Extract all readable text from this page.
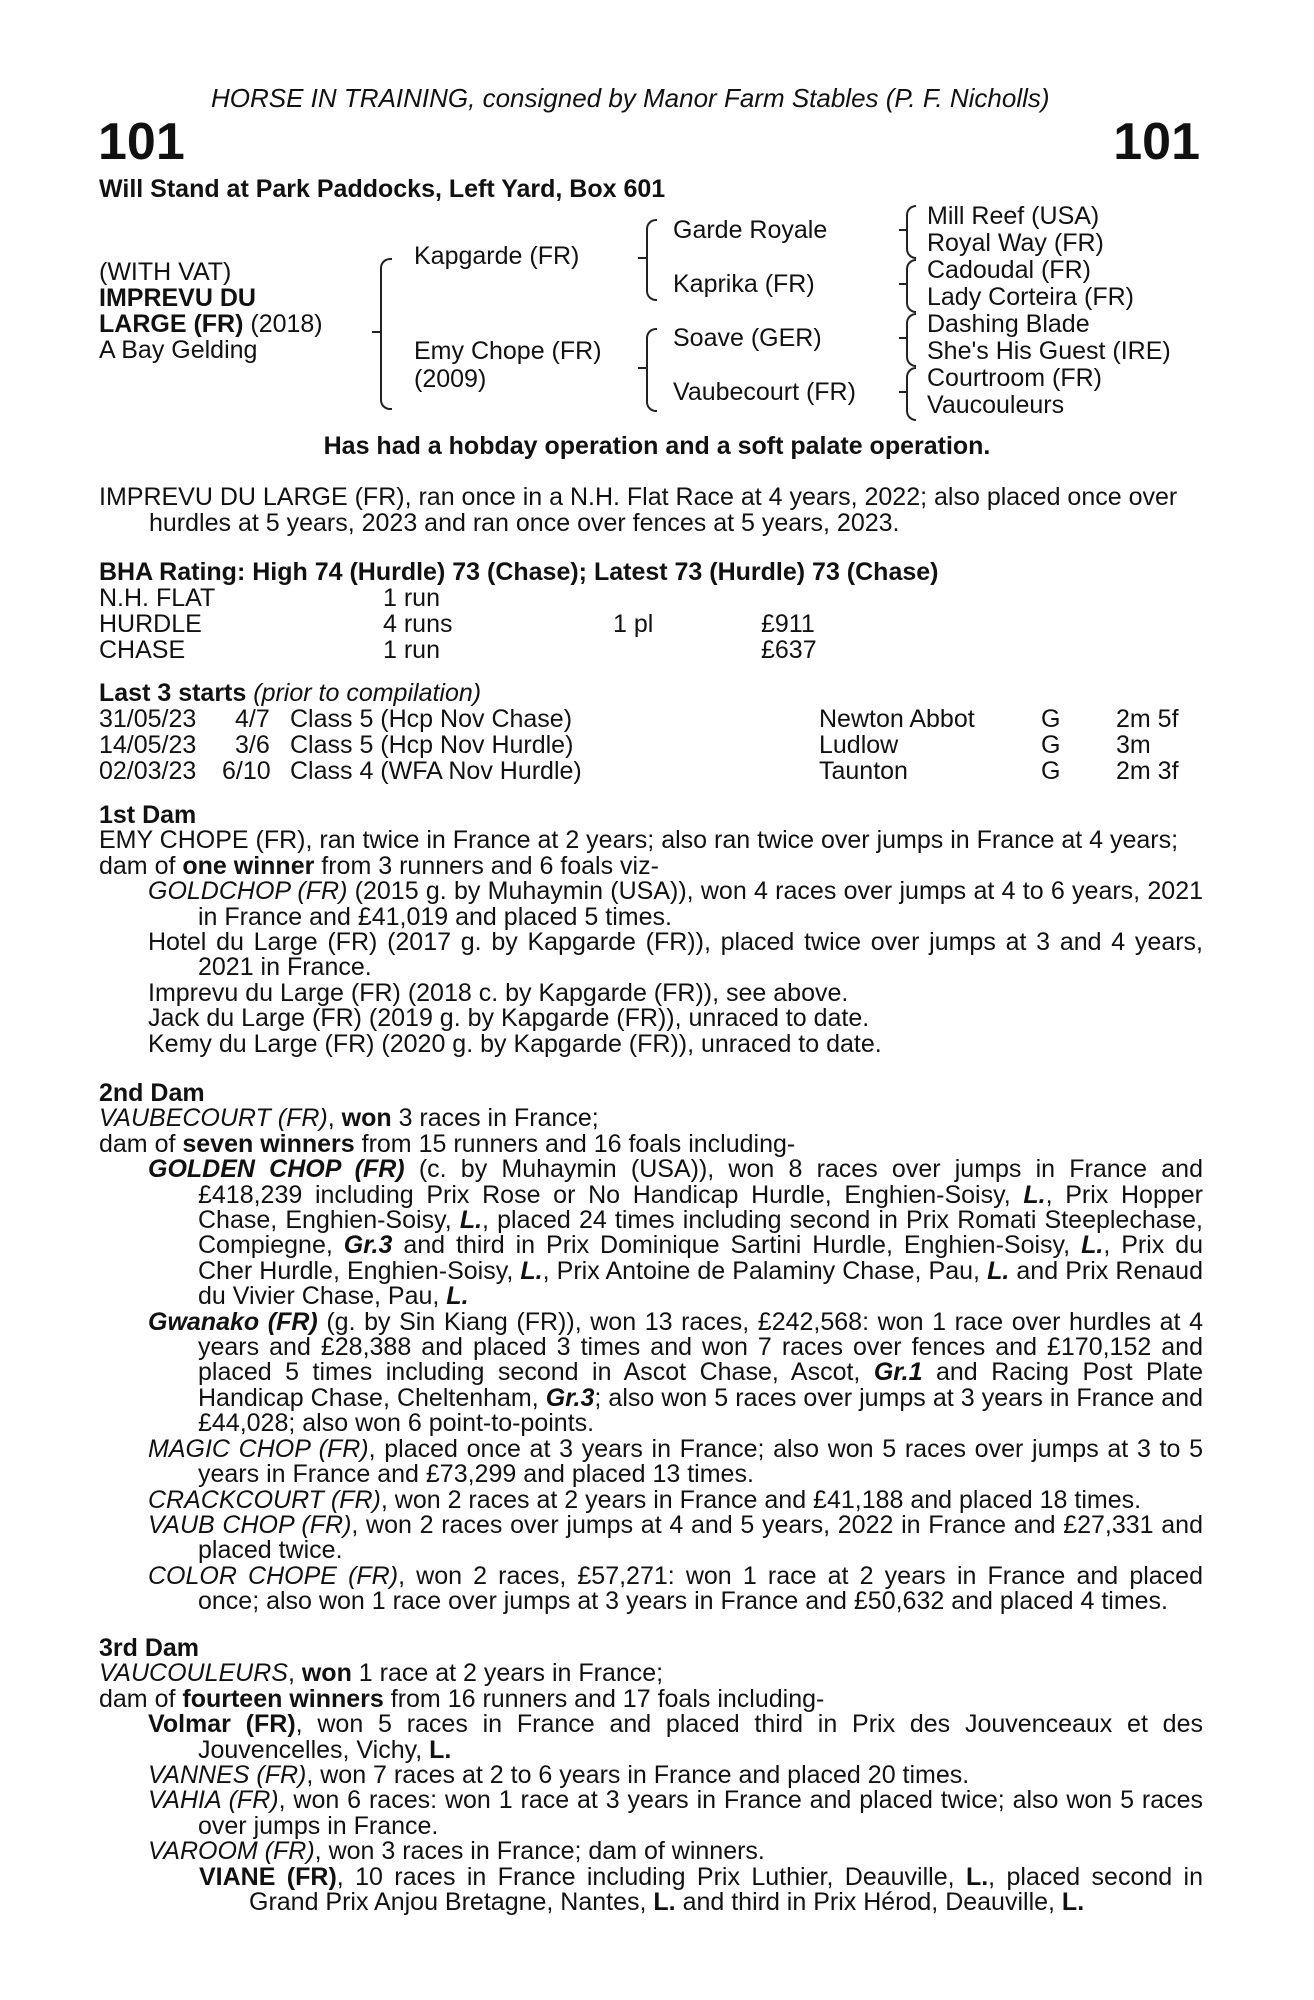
HORSE IN TRAINING, consigned by Manor Farm Stables (P. F. Nicholls)
101	101
Will Stand at Park Paddocks, Left Yard, Box 601
(WITH VAT)
IMPREVU DU
LARGE (FR) (2018)
A Bay Gelding
Kapgarde (FR)
Emy Chope (FR)
(2009)
Garde Royale
Kaprika (FR)
Soave (GER)
Vaubecourt (FR)
Mill Reef (USA)
Royal Way (FR)
Cadoudal (FR)
Lady Corteira (FR)
Dashing Blade
She's His Guest (IRE)
Courtroom (FR)
Vaucouleurs
Has had a hobday operation and a soft palate operation.
IMPREVU DU LARGE (FR), ran once in a N.H. Flat Race at 4 years, 2022; also placed once over
hurdles at 5 years, 2023 and ran once over fences at 5 years, 2023.
BHA Rating: High 74 (Hurdle) 73 (Chase); Latest 73 (Hurdle) 73 (Chase)
N.H. FLAT	1 run
HURDLE	4 runs	1 pl	£911
CHASE	1 run	£637
Last 3 starts (prior to compilation)
31/05/23 4/7 Class 5 (Hcp Nov Chase)	Newton Abbot	G 2m 5f
14/05/23 3/6 Class 5 (Hcp Nov Hurdle)	Ludlow	G 3m
02/03/23 6/10 Class 4 (WFA Nov Hurdle)	Taunton	G 2m 3f

1st Dam

EMY CHOPE (FR), ran twice in France at 2 years; also ran twice over jumps in France at 4 years;

dam of one winner from 3 runners and 6 foals viz-

GOLDCHOP (FR) (2015 g. by Muhaymin (USA)), won 4 races over jumps at 4 to 6 years, 2021 in France and £41,019 and placed 5 times.

Hotel du Large (FR) (2017 g. by Kapgarde (FR)), placed twice over jumps at 3 and 4 years, 2021 in France.

Imprevu du Large (FR) (2018 c. by Kapgarde (FR)), see above.

Jack du Large (FR) (2019 g. by Kapgarde (FR)), unraced to date.

Kemy du Large (FR) (2020 g. by Kapgarde (FR)), unraced to date.

2nd Dam

VAUBECOURT (FR), won 3 races in France;

dam of seven winners from 15 runners and 16 foals including-

GOLDEN CHOP (FR) (c. by Muhaymin (USA)), won 8 races over jumps in France and £418,239 including Prix Rose or No Handicap Hurdle, Enghien-Soisy, L., Prix Hopper Chase, Enghien-Soisy, L., placed 24 times including second in Prix Romati Steeplechase, Compiegne, Gr.3 and third in Prix Dominique Sartini Hurdle, Enghien-Soisy, L., Prix du Cher Hurdle, Enghien-Soisy, L., Prix Antoine de Palaminy Chase, Pau, L. and Prix Renaud du Vivier Chase, Pau, L.

Gwanako (FR) (g. by Sin Kiang (FR)), won 13 races, £242,568: won 1 race over hurdles at 4 years and £28,388 and placed 3 times and won 7 races over fences and £170,152 and placed 5 times including second in Ascot Chase, Ascot, Gr.1 and Racing Post Plate Handicap Chase, Cheltenham, Gr.3; also won 5 races over jumps at 3 years in France and £44,028; also won 6 point-to-points.

MAGIC CHOP (FR), placed once at 3 years in France; also won 5 races over jumps at 3 to 5 years in France and £73,299 and placed 13 times.

CRACKCOURT (FR), won 2 races at 2 years in France and £41,188 and placed 18 times.

VAUB CHOP (FR), won 2 races over jumps at 4 and 5 years, 2022 in France and £27,331 and placed twice.

COLOR CHOPE (FR), won 2 races, £57,271: won 1 race at 2 years in France and placed once; also won 1 race over jumps at 3 years in France and £50,632 and placed 4 times.

3rd Dam

VAUCOULEURS, won 1 race at 2 years in France;

dam of fourteen winners from 16 runners and 17 foals including-

Volmar (FR), won 5 races in France and placed third in Prix des Jouvenceaux et des Jouvencelles, Vichy, L.

VANNES (FR), won 7 races at 2 to 6 years in France and placed 20 times.

VAHIA (FR), won 6 races: won 1 race at 3 years in France and placed twice; also won 5 races over jumps in France.

VAROOM (FR), won 3 races in France; dam of winners.

VIANE (FR), 10 races in France including Prix Luthier, Deauville, L., placed second in Grand Prix Anjou Bretagne, Nantes, L. and third in Prix Hérod, Deauville, L.
